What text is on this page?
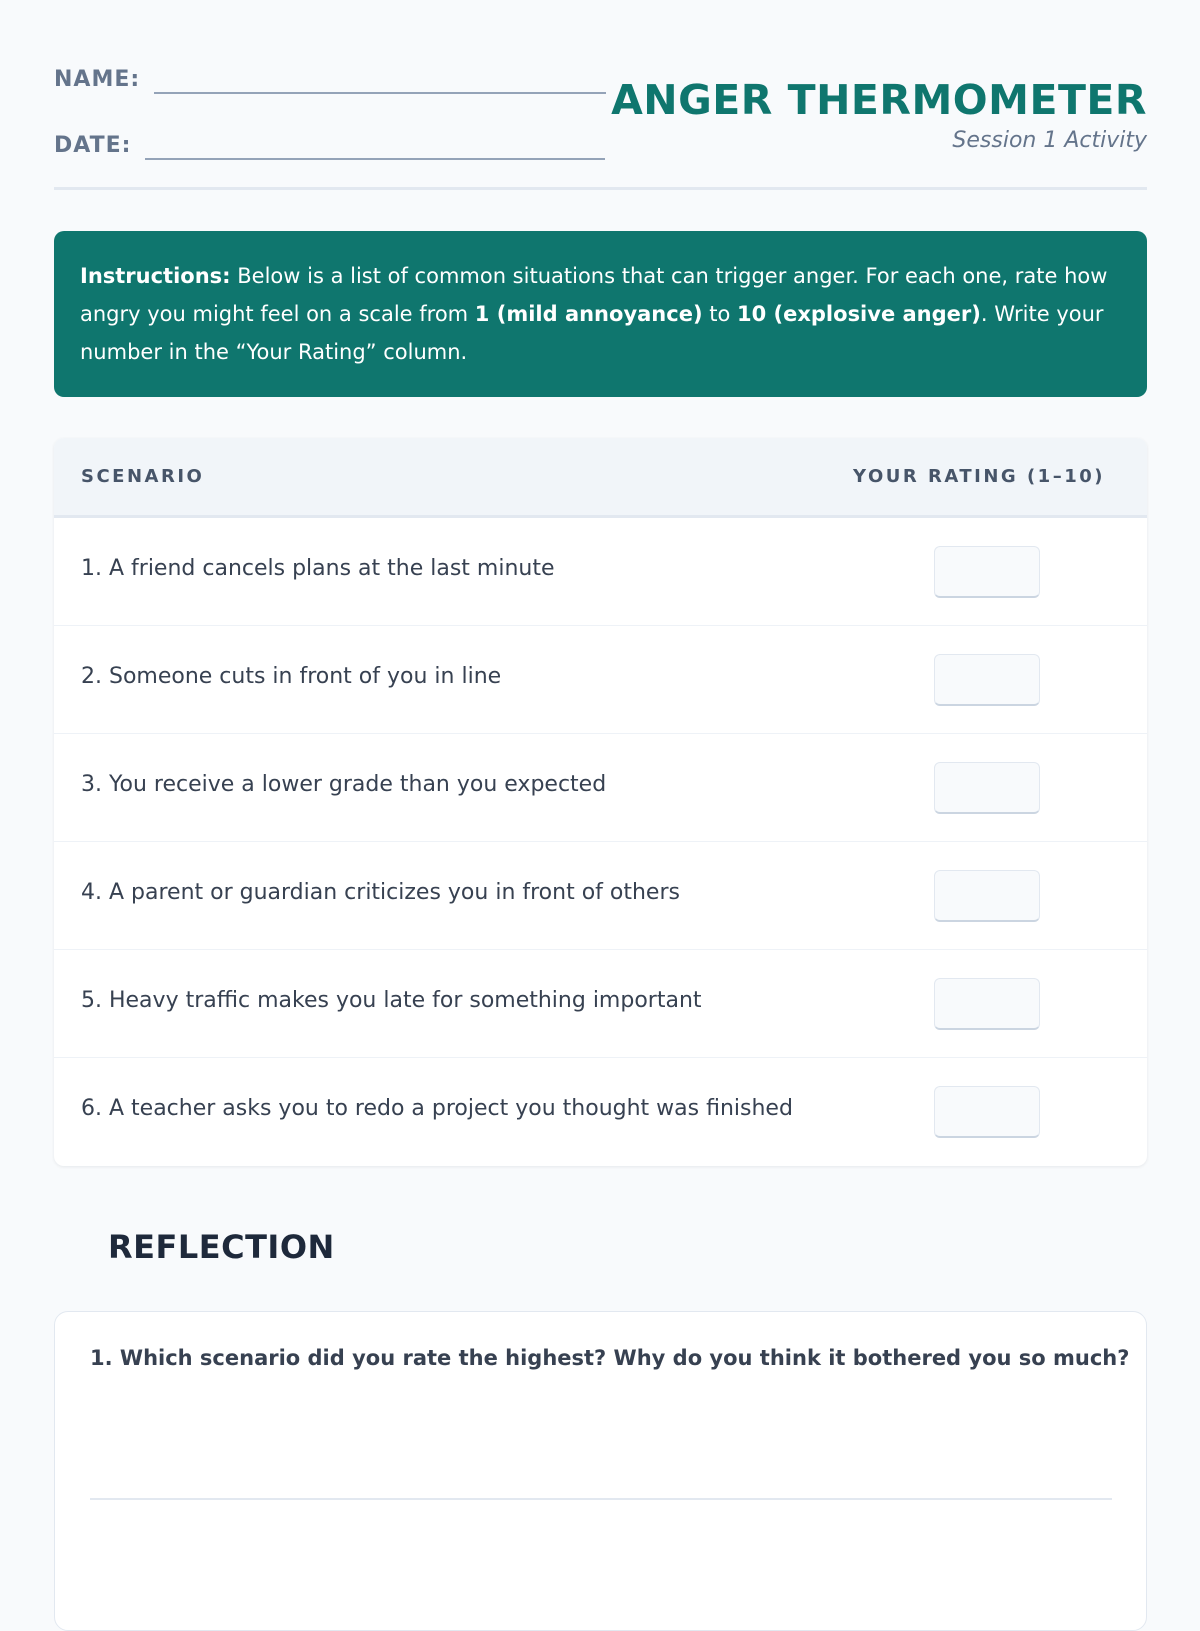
NAME:
DATE:
ANGER THERMOMETER
Session 1 Activity
Instructions: Below is a list of common situations that can trigger anger. For each one, rate how angry you might feel on a scale from 1 (mild annoyance) to 10 (explosive anger). Write your number in the “Your Rating” column.
SCENARIO	YOUR RATING (1–10)
1. A friend cancels plans at the last minute
2. Someone cuts in front of you in line
3. You receive a lower grade than you expected
4. A parent or guardian criticizes you in front of others
5. Heavy traffic makes you late for something important
6. A teacher asks you to redo a project you thought was finished
REFLECTION
1. Which scenario did you rate the highest? Why do you think it bothered you so much?
